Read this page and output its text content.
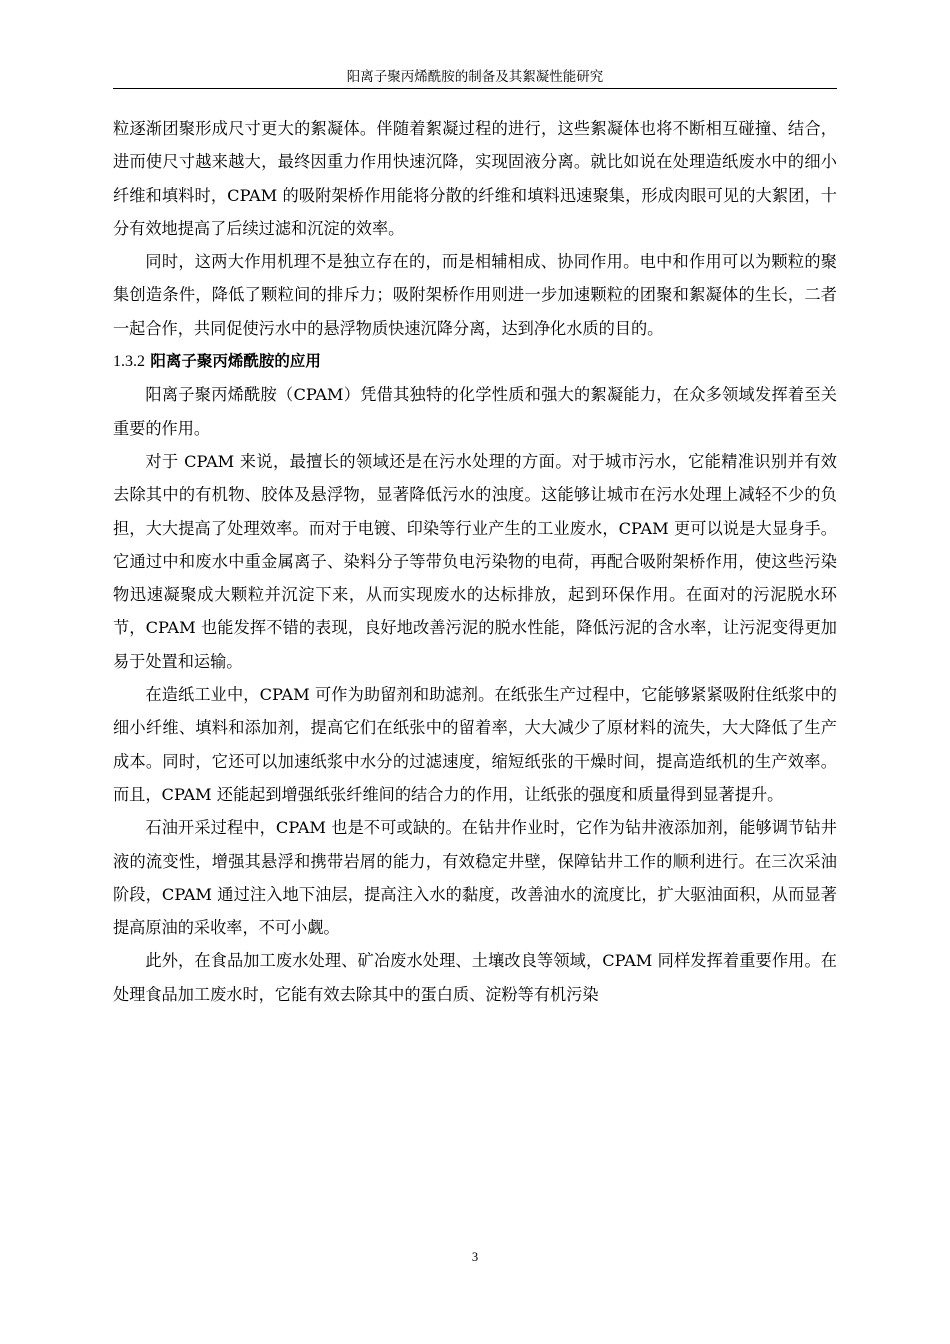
阳离子聚丙烯酰胺的制备及其絮凝性能研究

粒逐渐团聚形成尺寸更大的絮凝体。伴随着絮凝过程的进行，这些絮凝体也将不断相互碰撞、结合，进而使尺寸越来越大，最终因重力作用快速沉降，实现固液分离。就比如说在处理造纸废水中的细小纤维和填料时，CPAM 的吸附架桥作用能将分散的纤维和填料迅速聚集，形成肉眼可见的大絮团，十分有效地提高了后续过滤和沉淀的效率。

同时，这两大作用机理不是独立存在的，而是相辅相成、协同作用。电中和作用可以为颗粒的聚集创造条件，降低了颗粒间的排斥力；吸附架桥作用则进一步加速颗粒的团聚和絮凝体的生长，二者一起合作，共同促使污水中的悬浮物质快速沉降分离，达到净化水质的目的。

1.3.2 阳离子聚丙烯酰胺的应用

阳离子聚丙烯酰胺（CPAM）凭借其独特的化学性质和强大的絮凝能力，在众多领域发挥着至关重要的作用。

对于 CPAM 来说，最擅长的领域还是在污水处理的方面。对于城市污水，它能精准识别并有效去除其中的有机物、胶体及悬浮物，显著降低污水的浊度。这能够让城市在污水处理上减轻不少的负担，大大提高了处理效率。而对于电镀、印染等行业产生的工业废水，CPAM 更可以说是大显身手。它通过中和废水中重金属离子、染料分子等带负电污染物的电荷，再配合吸附架桥作用，使这些污染物迅速凝聚成大颗粒并沉淀下来，从而实现废水的达标排放，起到环保作用。在面对的污泥脱水环节，CPAM 也能发挥不错的表现，良好地改善污泥的脱水性能，降低污泥的含水率，让污泥变得更加易于处置和运输。

在造纸工业中，CPAM 可作为助留剂和助滤剂。在纸张生产过程中，它能够紧紧吸附住纸浆中的细小纤维、填料和添加剂，提高它们在纸张中的留着率，大大减少了原材料的流失，大大降低了生产成本。同时，它还可以加速纸浆中水分的过滤速度，缩短纸张的干燥时间，提高造纸机的生产效率。而且，CPAM 还能起到增强纸张纤维间的结合力的作用，让纸张的强度和质量得到显著提升。

石油开采过程中，CPAM 也是不可或缺的。在钻井作业时，它作为钻井液添加剂，能够调节钻井液的流变性，增强其悬浮和携带岩屑的能力，有效稳定井壁，保障钻井工作的顺利进行。在三次采油阶段，CPAM 通过注入地下油层，提高注入水的黏度，改善油水的流度比，扩大驱油面积，从而显著提高原油的采收率，不可小觑。

此外，在食品加工废水处理、矿冶废水处理、土壤改良等领域，CPAM 同样发挥着重要作用。在处理食品加工废水时，它能有效去除其中的蛋白质、淀粉等有机污染

3
